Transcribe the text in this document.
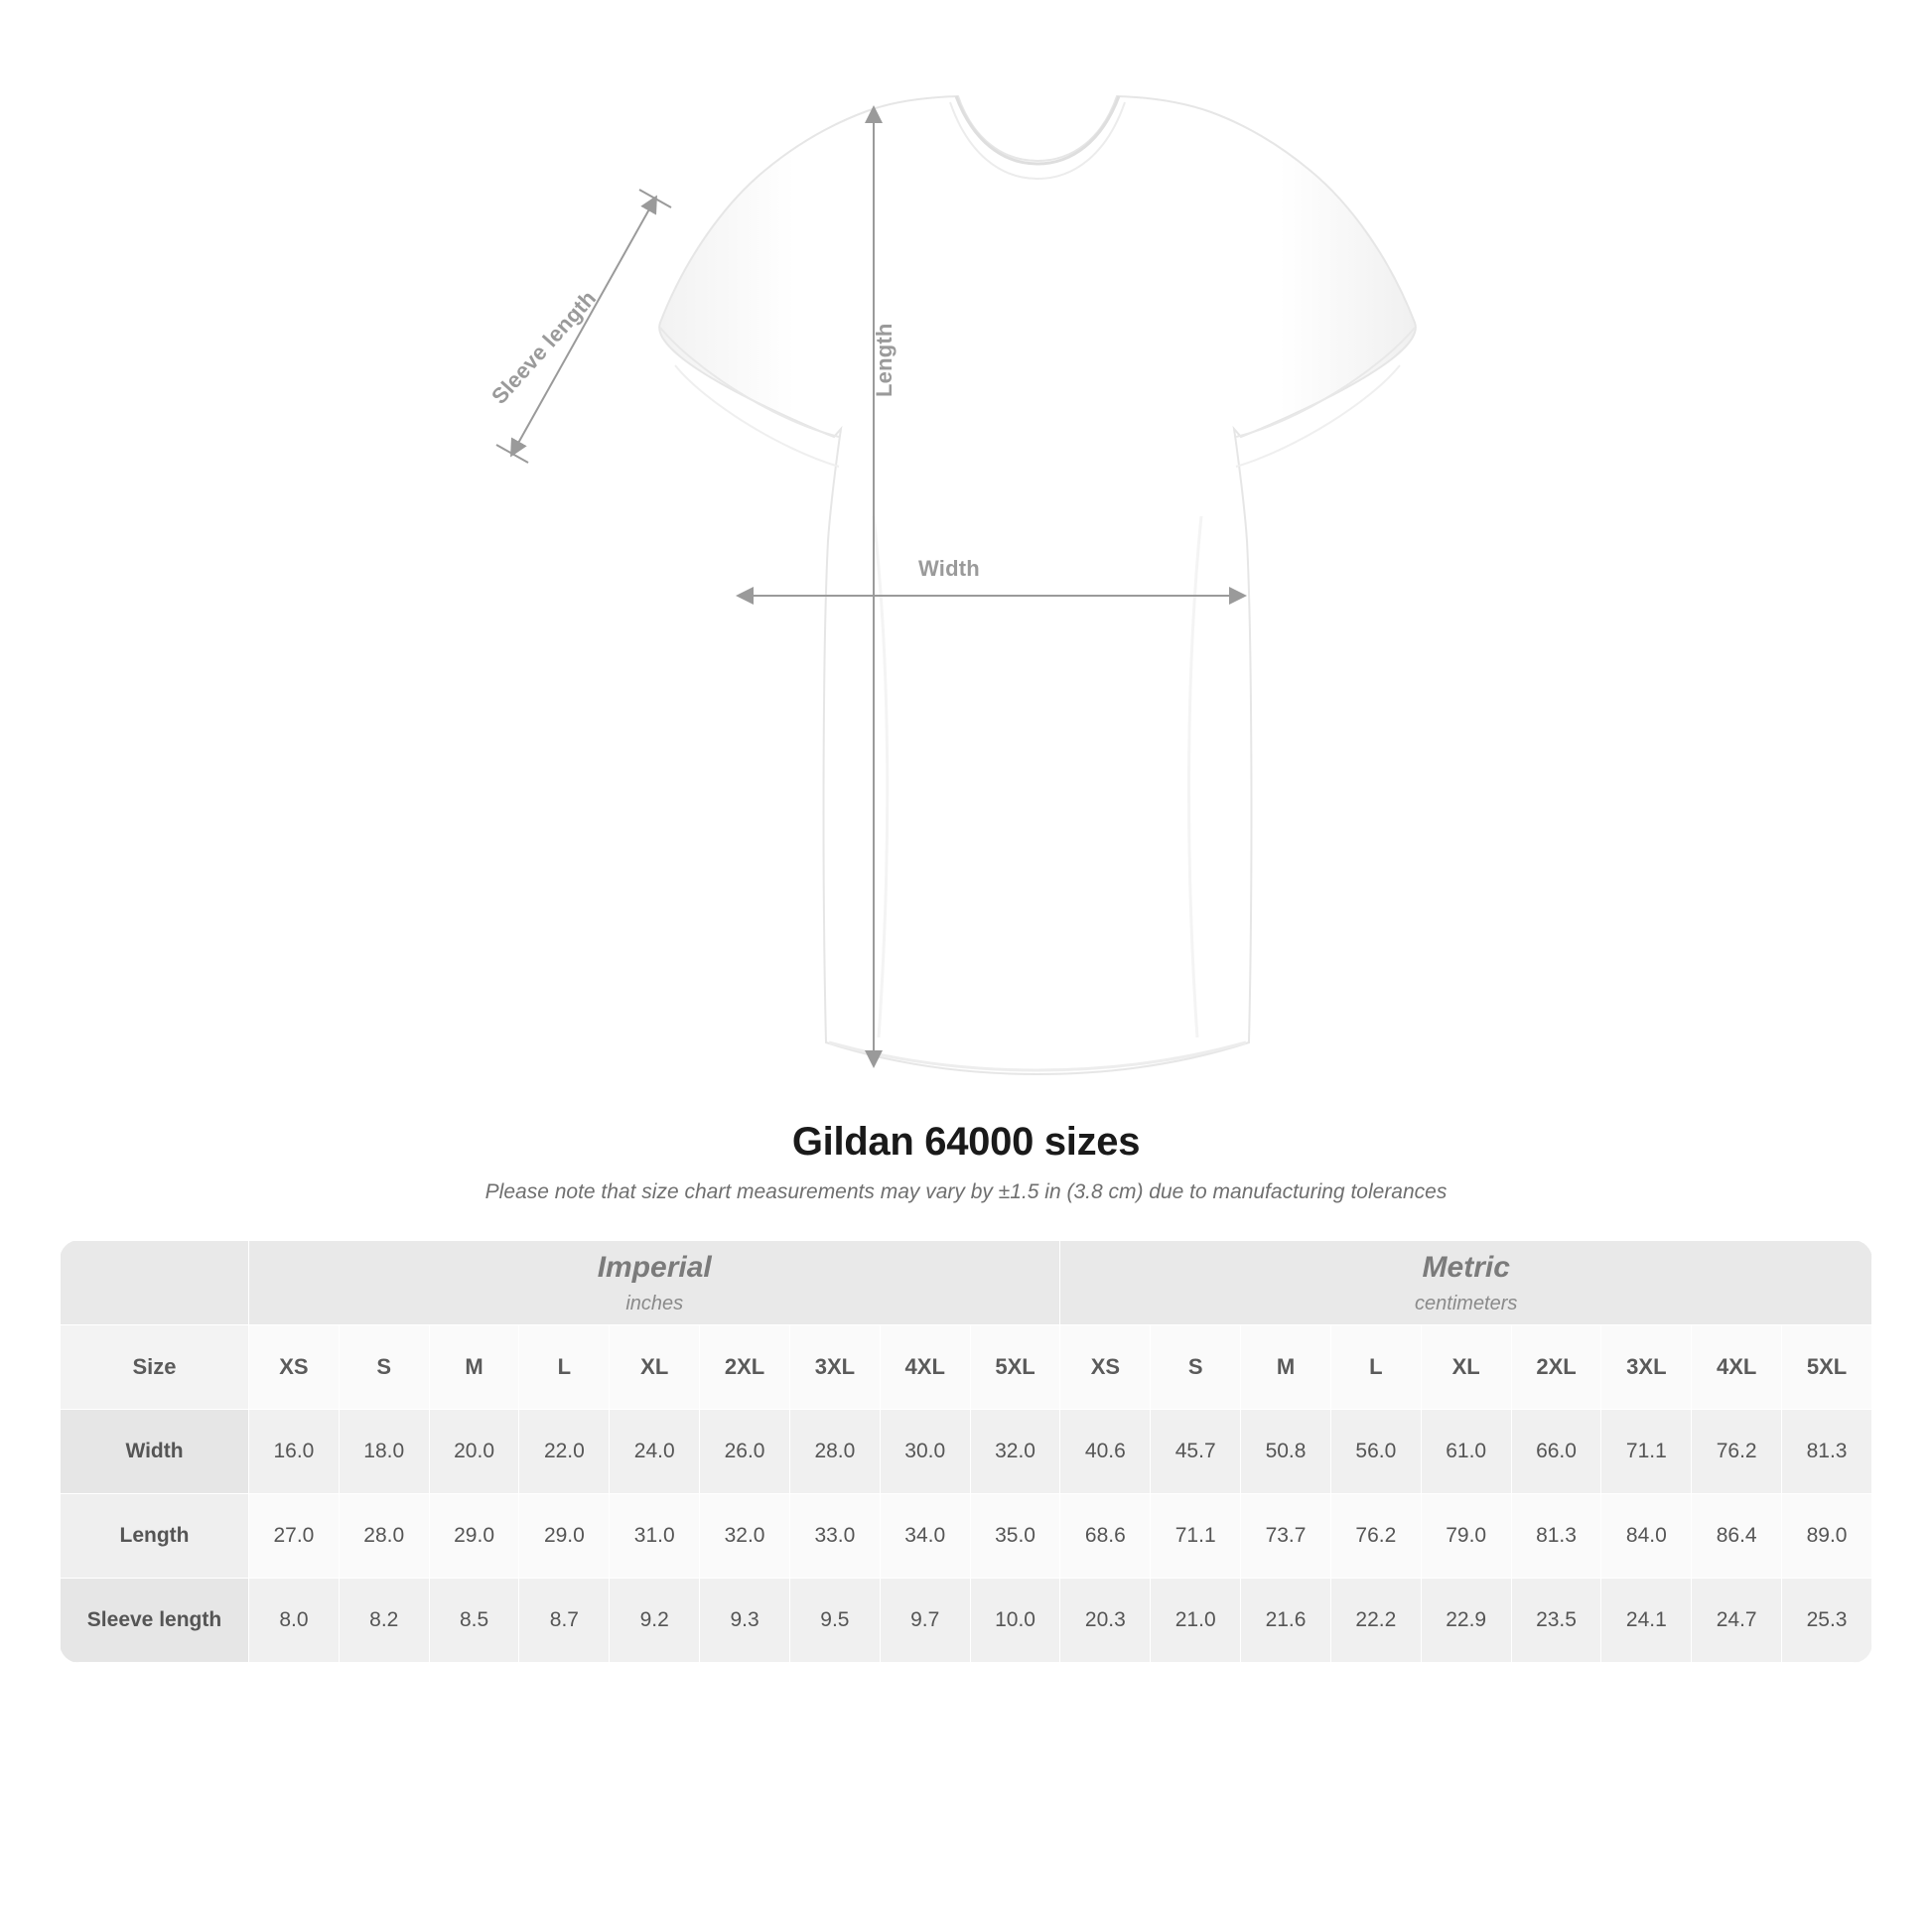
Width
Length
Sleeve length
Gildan 64000 sizes
Please note that size chart measurements may vary by ±1.5 in (3.8 cm) due to manufacturing tolerances

Imperial
inches

Metric
centimeters

Size	XS	S	M	L	XL	2XL	3XL	4XL	5XL	XS	S	M	L	XL	2XL	3XL	4XL	5XL
Width	16.0	18.0	20.0	22.0	24.0	26.0	28.0	30.0	32.0	40.6	45.7	50.8	56.0	61.0	66.0	71.1	76.2	81.3
Length	27.0	28.0	29.0	29.0	31.0	32.0	33.0	34.0	35.0	68.6	71.1	73.7	76.2	79.0	81.3	84.0	86.4	89.0
Sleeve length	8.0	8.2	8.5	8.7	9.2	9.3	9.5	9.7	10.0	20.3	21.0	21.6	22.2	22.9	23.5	24.1	24.7	25.3
